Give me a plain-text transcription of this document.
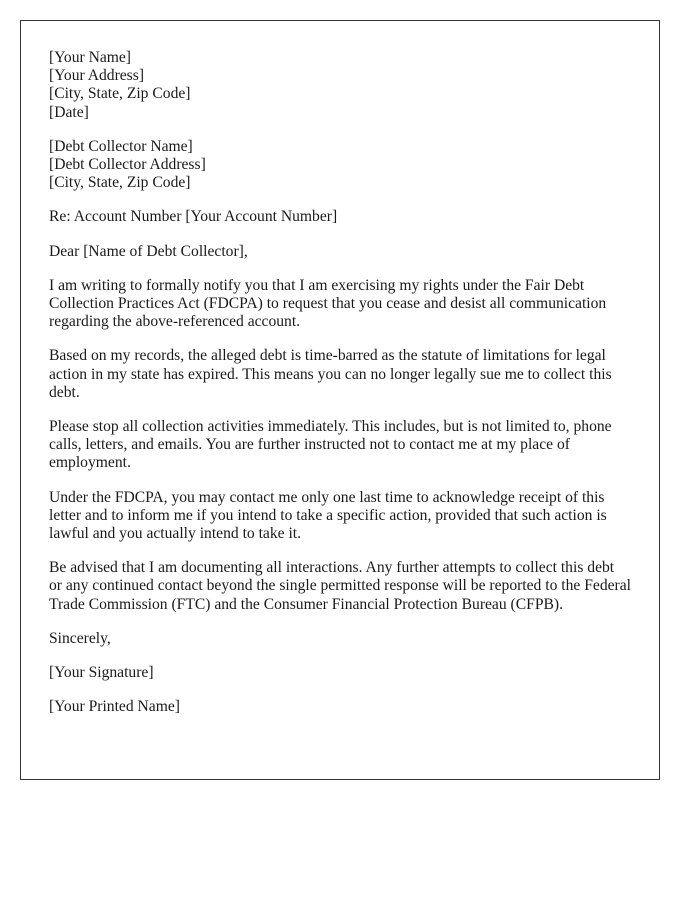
[Your Name]
[Your Address]
[City, State, Zip Code]
[Date]
[Debt Collector Name]
[Debt Collector Address]
[City, State, Zip Code]

Re: Account Number [Your Account Number]

Dear [Name of Debt Collector],

I am writing to formally notify you that I am exercising my rights under the Fair Debt Collection Practices Act (FDCPA) to request that you cease and desist all communication regarding the above-referenced account.

Based on my records, the alleged debt is time-barred as the statute of limitations for legal action in my state has expired. This means you can no longer legally sue me to collect this debt.

Please stop all collection activities immediately. This includes, but is not limited to, phone calls, letters, and emails. You are further instructed not to contact me at my place of employment.

Under the FDCPA, you may contact me only one last time to acknowledge receipt of this letter and to inform me if you intend to take a specific action, provided that such action is lawful and you actually intend to take it.

Be advised that I am documenting all interactions. Any further attempts to collect this debt or any continued contact beyond the single permitted response will be reported to the Federal Trade Commission (FTC) and the Consumer Financial Protection Bureau (CFPB).

Sincerely,

[Your Signature]

[Your Printed Name]
